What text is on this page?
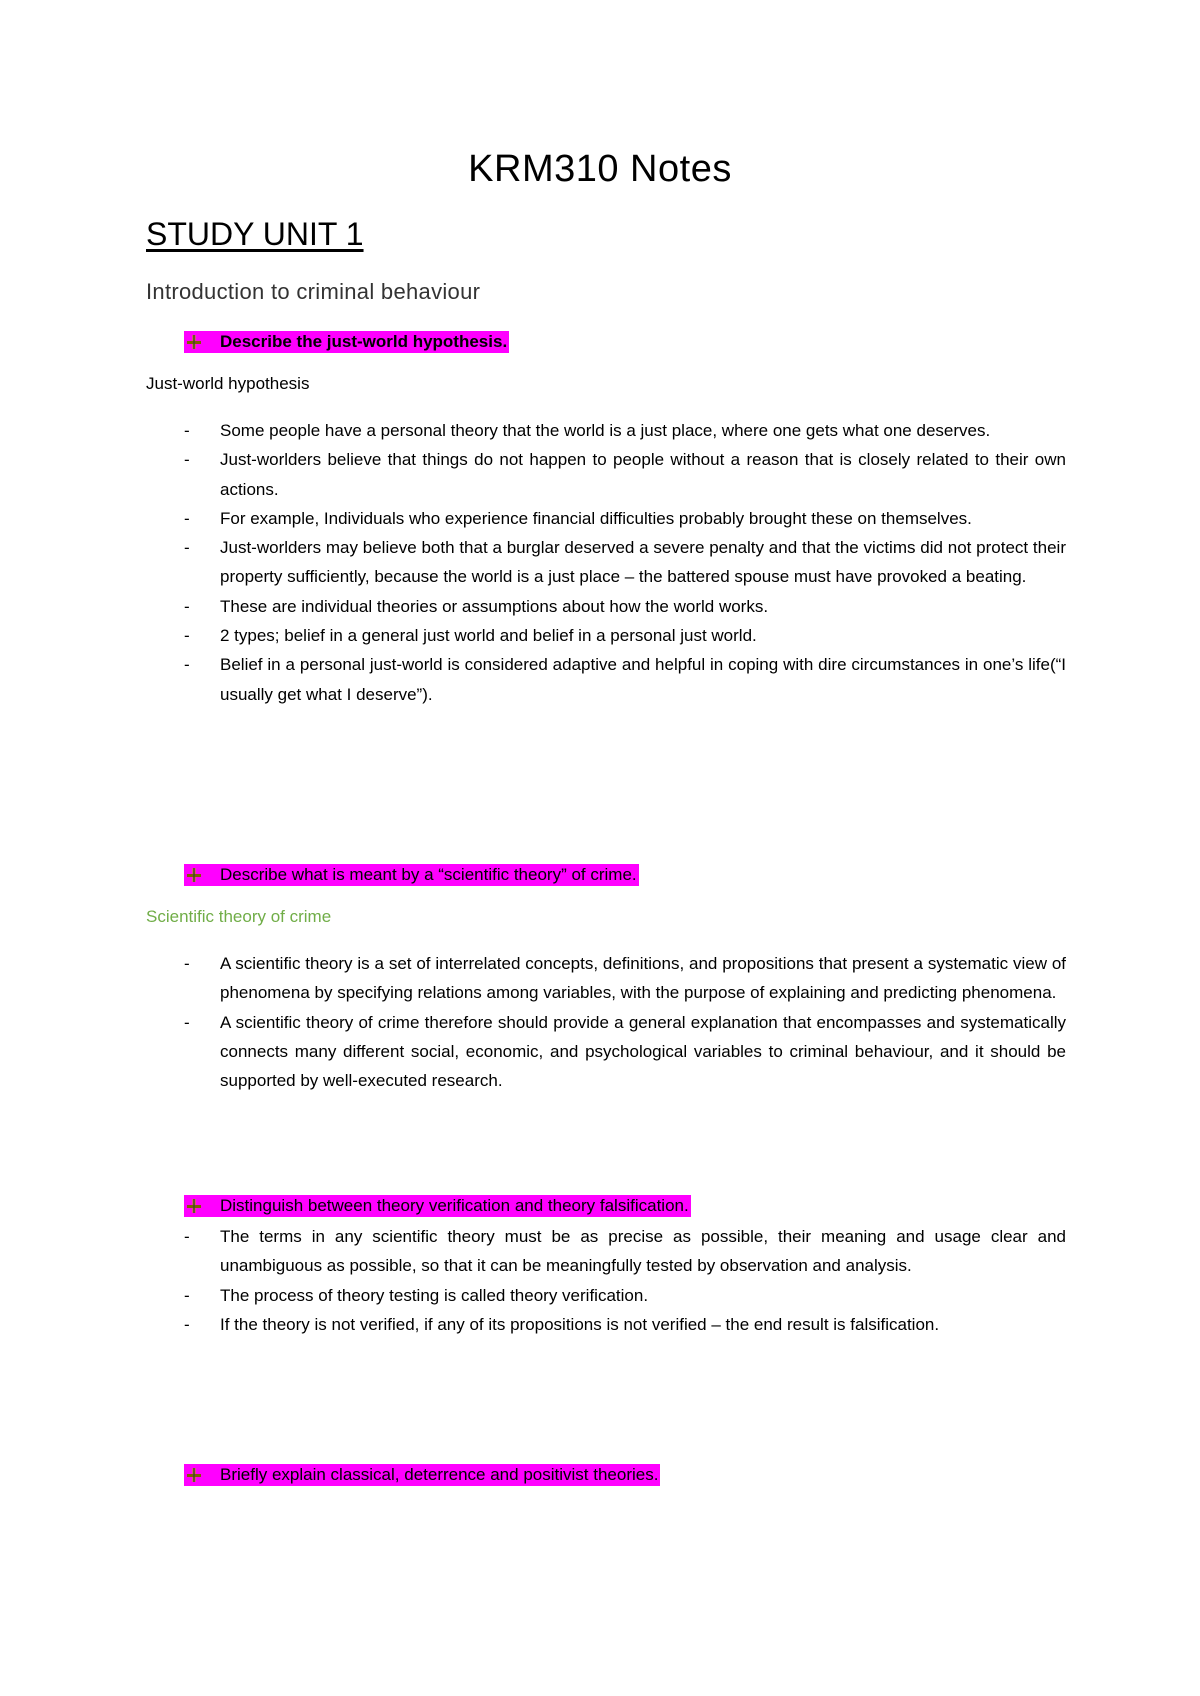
KRM310 Notes
STUDY UNIT 1
Introduction to criminal behaviour
Describe the just-world hypothesis.
Just-world hypothesis
- Some people have a personal theory that the world is a just place, where one gets what one deserves.
- Just-worlders believe that things do not happen to people without a reason that is closely related to their own actions.
- For example, Individuals who experience financial difficulties probably brought these on themselves.
- Just-worlders may believe both that a burglar deserved a severe penalty and that the victims did not protect their property sufficiently, because the world is a just place – the battered spouse must have provoked a beating.
- These are individual theories or assumptions about how the world works.
- 2 types; belief in a general just world and belief in a personal just world.
- Belief in a personal just-world is considered adaptive and helpful in coping with dire circumstances in one’s life(“I usually get what I deserve”).
Describe what is meant by a “scientific theory” of crime.
Scientific theory of crime
- A scientific theory is a set of interrelated concepts, definitions, and propositions that present a systematic view of phenomena by specifying relations among variables, with the purpose of explaining and predicting phenomena.
- A scientific theory of crime therefore should provide a general explanation that encompasses and systematically connects many different social, economic, and psychological variables to criminal behaviour, and it should be supported by well-executed research.
Distinguish between theory verification and theory falsification.
- The terms in any scientific theory must be as precise as possible, their meaning and usage clear and unambiguous as possible, so that it can be meaningfully tested by observation and analysis.
- The process of theory testing is called theory verification.
- If the theory is not verified, if any of its propositions is not verified – the end result is falsification.
Briefly explain classical, deterrence and positivist theories.
